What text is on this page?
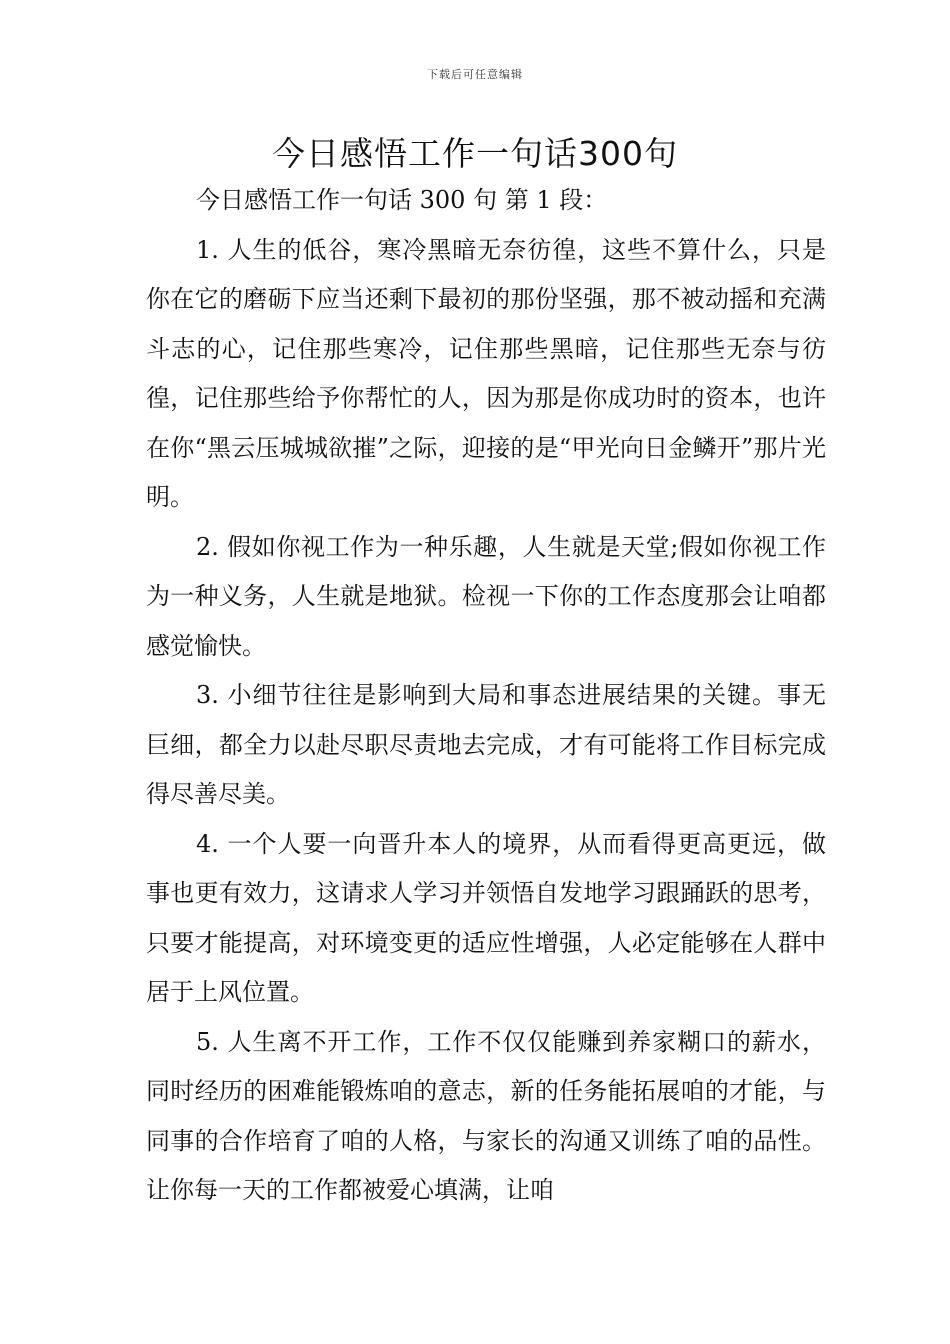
下载后可任意编辑
今日感悟工作一句话300句

今日感悟工作一句话 300 句 第 1 段：

1. 人生的低谷，寒冷黑暗无奈彷徨，这些不算什么，只是你在它的磨砺下应当还剩下最初的那份坚强，那不被动摇和充满斗志的心，记住那些寒冷，记住那些黑暗，记住那些无奈与彷徨，记住那些给予你帮忙的人，因为那是你成功时的资本，也许在你“黑云压城城欲摧”之际，迎接的是“甲光向日金鳞开”那片光明。

2. 假如你视工作为一种乐趣，人生就是天堂;假如你视工作为一种义务，人生就是地狱。检视一下你的工作态度那会让咱都感觉愉快。

3. 小细节往往是影响到大局和事态进展结果的关键。事无巨细，都全力以赴尽职尽责地去完成，才有可能将工作目标完成得尽善尽美。

4. 一个人要一向晋升本人的境界，从而看得更高更远，做事也更有效力，这请求人学习并领悟自发地学习跟踊跃的思考，只要才能提高，对环境变更的适应性增强，人必定能够在人群中居于上风位置。

5. 人生离不开工作，工作不仅仅能赚到养家糊口的薪水，同时经历的困难能锻炼咱的意志，新的任务能拓展咱的才能，与同事的合作培育了咱的人格，与家长的沟通又训练了咱的品性。让你每一天的工作都被爱心填满，让咱
